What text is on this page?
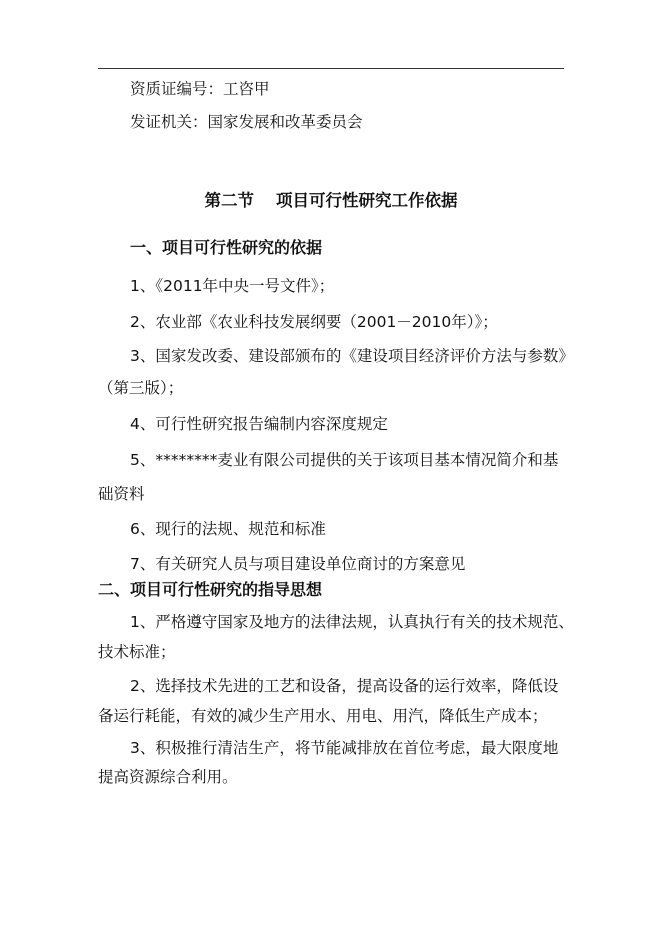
资质证编号：工咨甲
发证机关：国家发展和改革委员会
第二节 项目可行性研究工作依据
一、项目可行性研究的依据
1、《2011年中央一号文件》；
2、农业部《农业科技发展纲要（2001－2010年）》；
3、国家发改委、建设部颁布的《建设项目经济评价方法与参数》
（第三版）；
4、可行性研究报告编制内容深度规定
5、********麦业有限公司提供的关于该项目基本情况简介和基
础资料
6、现行的法规、规范和标准
7、有关研究人员与项目建设单位商讨的方案意见
二、项目可行性研究的指导思想
1、严格遵守国家及地方的法律法规，认真执行有关的技术规范、
技术标准；
2、选择技术先进的工艺和设备，提高设备的运行效率，降低设
备运行耗能，有效的减少生产用水、用电、用汽，降低生产成本；
3、积极推行清洁生产，将节能减排放在首位考虑，最大限度地
提高资源综合利用。
